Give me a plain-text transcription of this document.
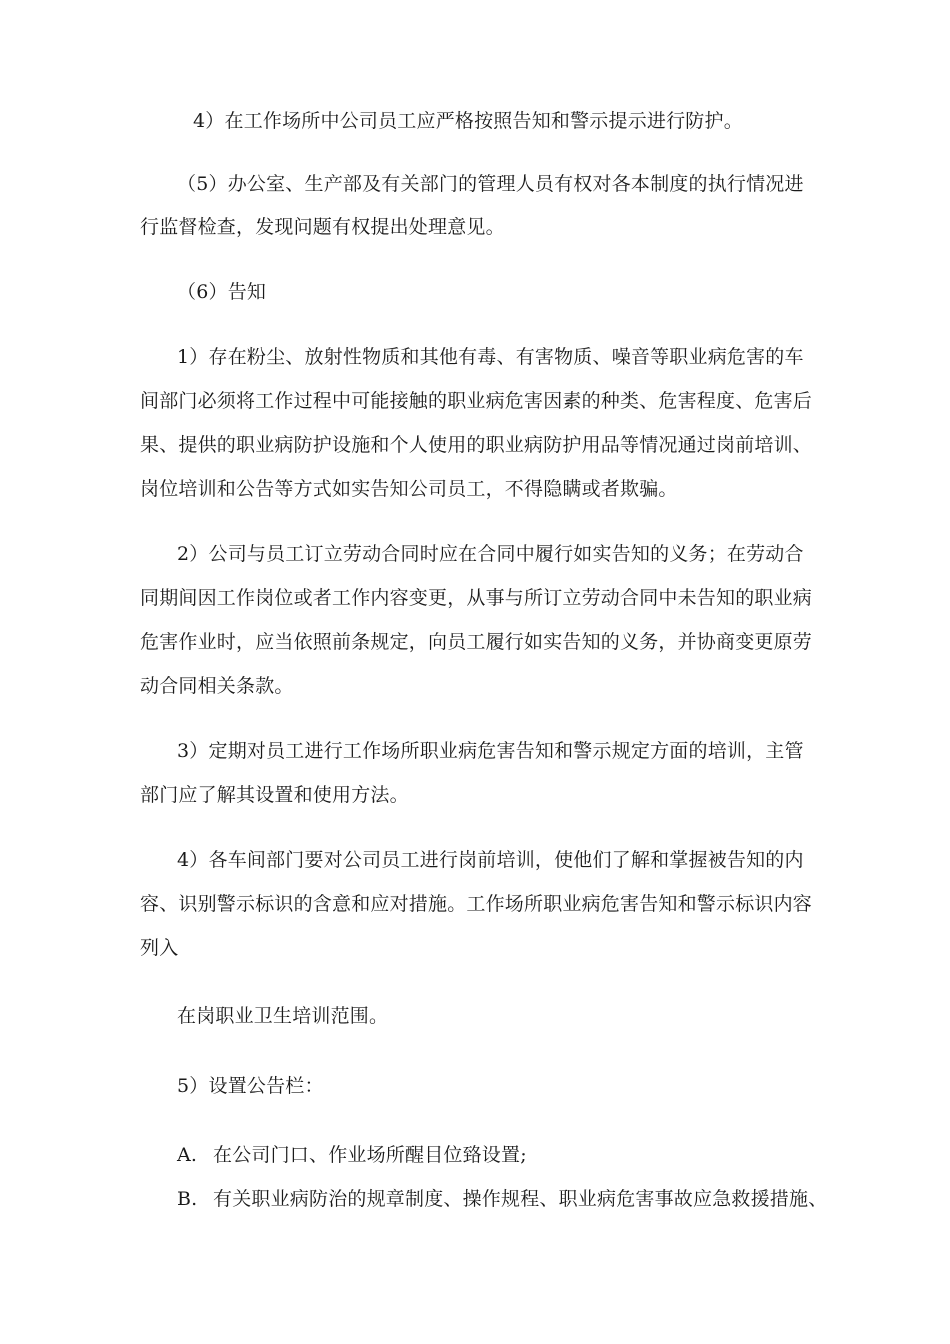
4）在工作场所中公司员工应严格按照告知和警示提示进行防护。
（5）办公室、生产部及有关部门的管理人员有权对各本制度的执行情况进
行监督检查，发现问题有权提出处理意见。
（6）告知
1）存在粉尘、放射性物质和其他有毒、有害物质、噪音等职业病危害的车
间部门必须将工作过程中可能接触的职业病危害因素的种类、危害程度、危害后
果、提供的职业病防护设施和个人使用的职业病防护用品等情况通过岗前培训、
岗位培训和公告等方式如实告知公司员工，不得隐瞒或者欺骗。
2）公司与员工订立劳动合同时应在合同中履行如实告知的义务；在劳动合
同期间因工作岗位或者工作内容变更，从事与所订立劳动合同中未告知的职业病
危害作业时，应当依照前条规定，向员工履行如实告知的义务，并协商变更原劳
动合同相关条款。
3）定期对员工进行工作场所职业病危害告知和警示规定方面的培训，主管
部门应了解其设置和使用方法。
4）各车间部门要对公司员工进行岗前培训，使他们了解和掌握被告知的内
容、识别警示标识的含意和应对措施。工作场所职业病危害告知和警示标识内容
列入
在岗职业卫生培训范围。
5）设置公告栏：
A. 在公司门口、作业场所醒目位臵设置;
B. 有关职业病防治的规章制度、操作规程、职业病危害事故应急救援措施、
